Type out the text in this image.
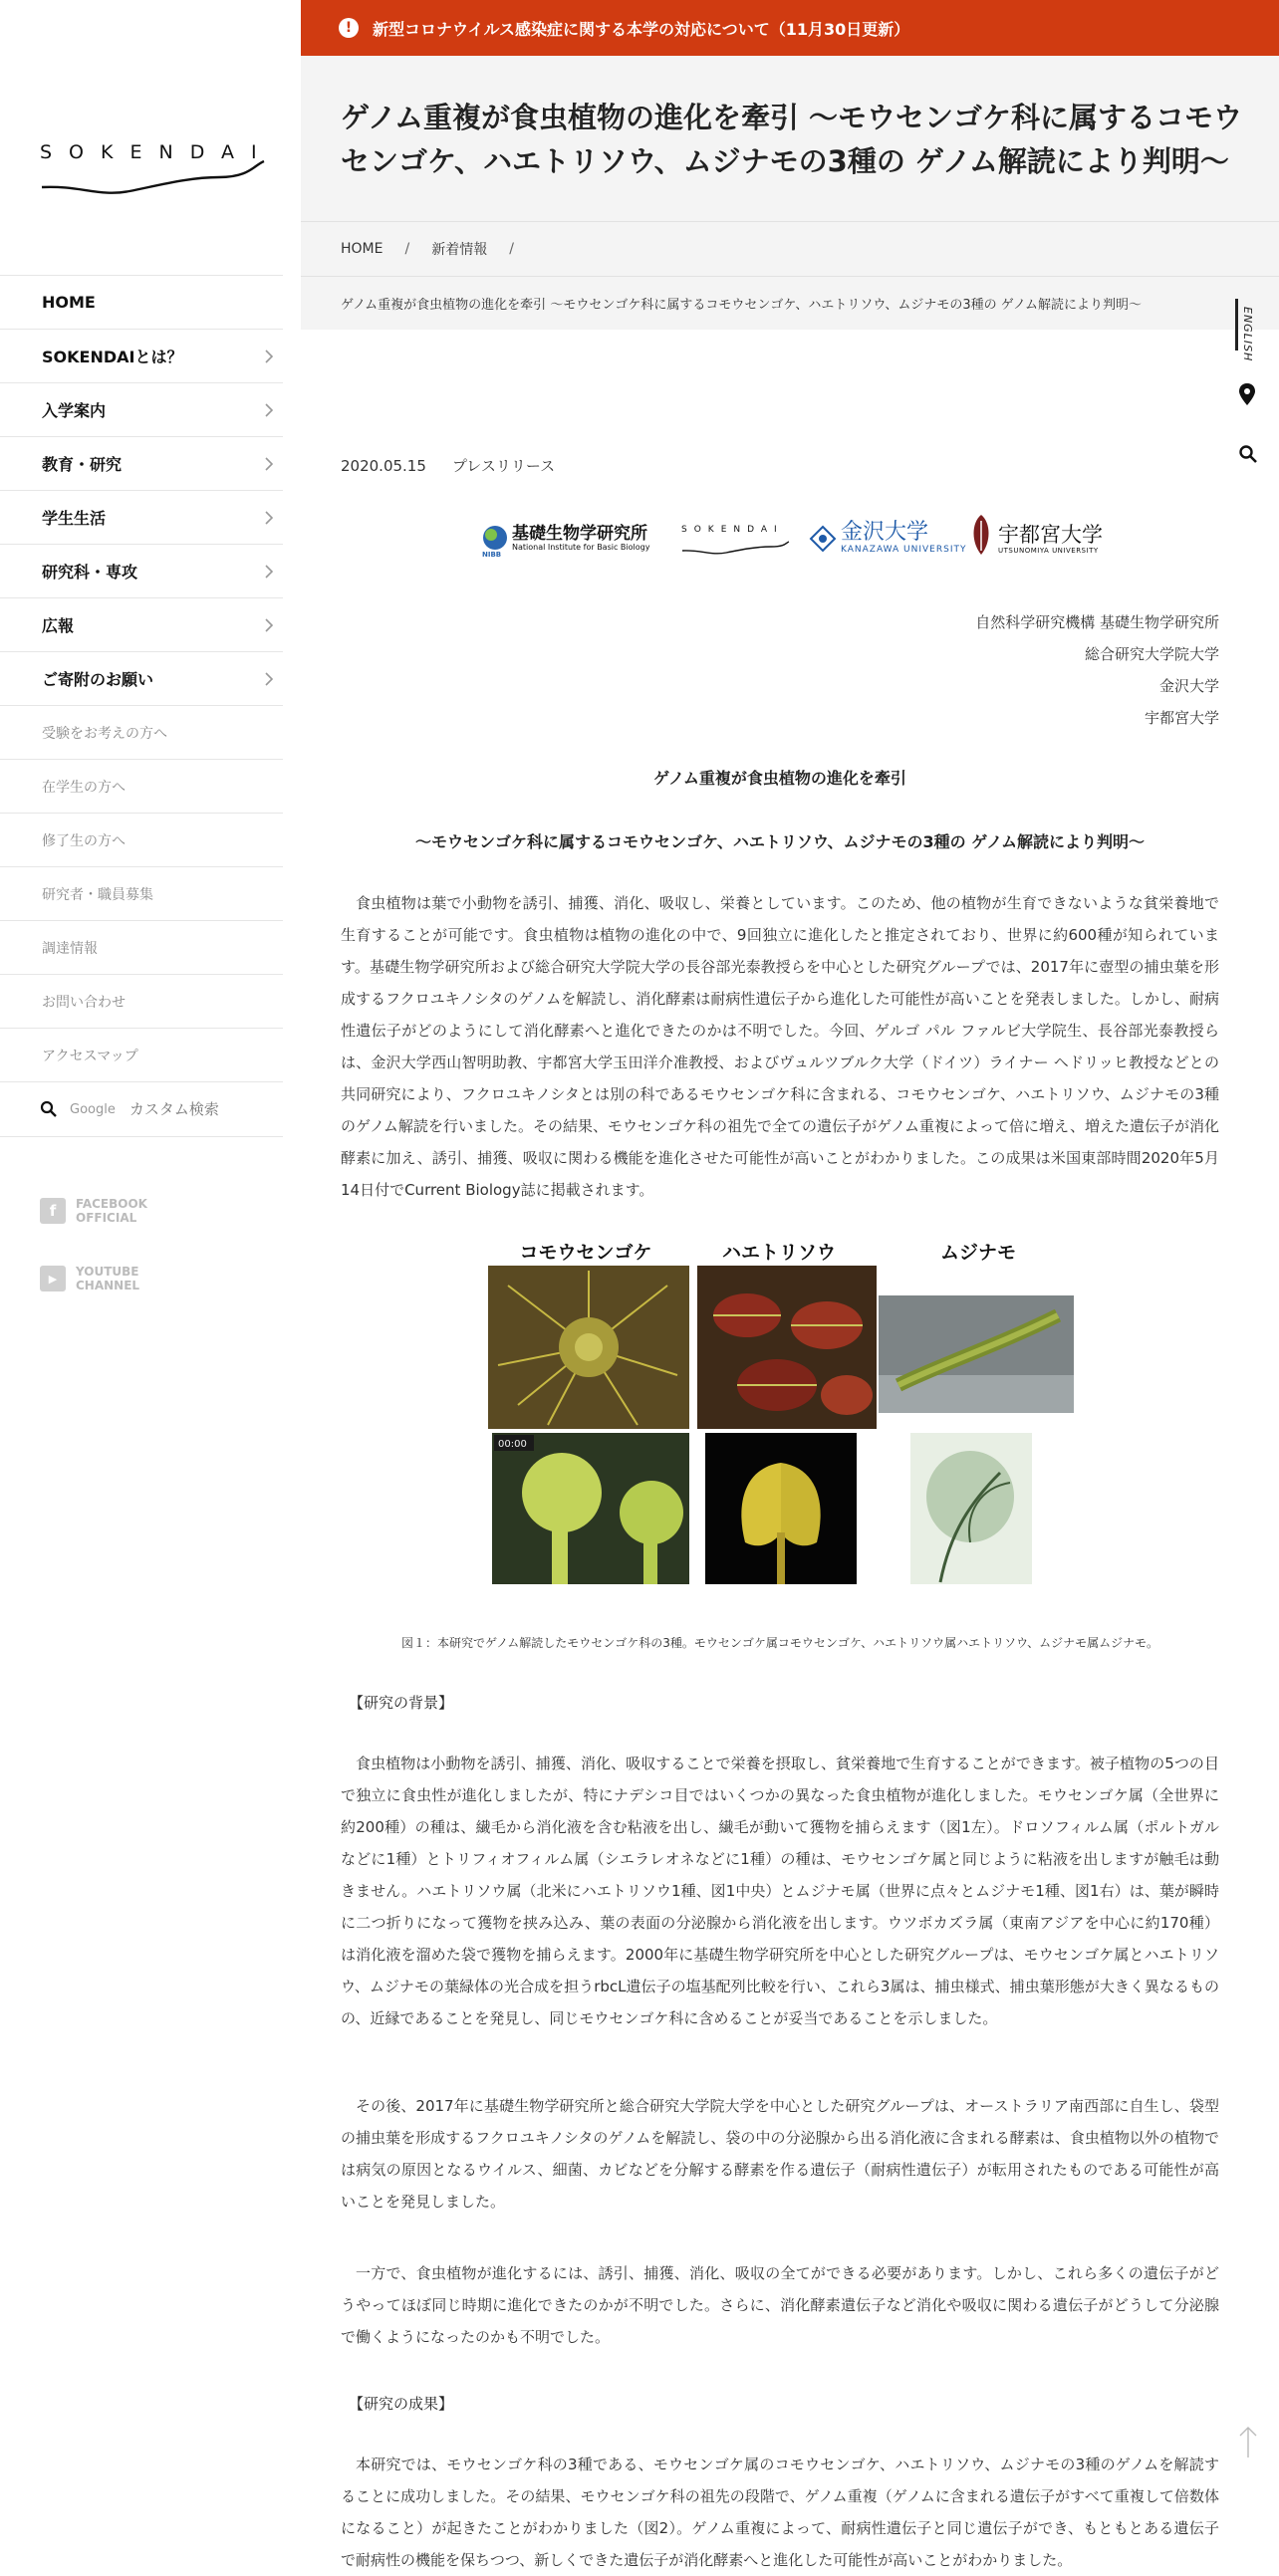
SOKENDAI
HOME
SOKENDAIとは？
入学案内
教育・研究
学生生活
研究科・専攻
広報
ご寄附のお願い
受験をお考えの方へ
在学生の方へ
修了生の方へ
研究者・職員募集
調達情報
お問い合わせ
アクセスマップ
Google
カスタム検索
f	FACEBOOK
OFFICIAL
▶	YOUTUBE
CHANNEL
!	新型コロナウイルス感染症に関する本学の対応について（11月30日更新）
ゲノム重複が食虫植物の進化を牽引 〜モウセンゴケ科に属するコモウセンゴケ、ハエトリソウ、ムジナモの3種の ゲノム解読により判明〜
HOME / 新着情報 /
ゲノム重複が食虫植物の進化を牽引 〜モウセンゴケ科に属するコモウセンゴケ、ハエトリソウ、ムジナモの3種の ゲノム解読により判明〜
ENGLISH
2020.05.15 プレスリリース
基礎生物学研究所
National Institute for Basic Biology
NIBB
SOKENDAI	金沢大学
KANAZAWA UNIVERSITY
宇都宮大学
UTSUNOMIYA UNIVERSITY
自然科学研究機構 基礎生物学研究所
総合研究大学院大学
金沢大学
宇都宮大学
ゲノム重複が食虫植物の進化を牽引
〜モウセンゴケ科に属するコモウセンゴケ、ハエトリソウ、ムジナモの3種の ゲノム解読により判明〜

食虫植物は葉で小動物を誘引、捕獲、消化、吸収し、栄養としています。このため、他の植物が生育できないような貧栄養地で生育することが可能です。食虫植物は植物の進化の中で、9回独立に進化したと推定されており、世界に約600種が知られています。基礎生物学研究所および総合研究大学院大学の長谷部光泰教授らを中心とした研究グループでは、2017年に壺型の捕虫葉を形成するフクロユキノシタのゲノムを解読し、消化酵素は耐病性遺伝子から進化した可能性が高いことを発表しました。しかし、耐病性遺伝子がどのようにして消化酵素へと進化できたのかは不明でした。今回、ゲルゴ パル ファルビ大学院生、長谷部光泰教授らは、金沢大学西山智明助教、宇都宮大学玉田洋介准教授、およびヴュルツブルク大学（ドイツ）ライナー ヘドリッヒ教授などとの共同研究により、フクロユキノシタとは別の科であるモウセンゴケ科に含まれる、コモウセンゴケ、ハエトリソウ、ムジナモの3種のゲノム解読を行いました。その結果、モウセンゴケ科の祖先で全ての遺伝子がゲノム重複によって倍に増え、増えた遺伝子が消化酵素に加え、誘引、捕獲、吸収に関わる機能を進化させた可能性が高いことがわかりました。この成果は米国東部時間2020年5月14日付でCurrent Biology誌に掲載されます。

コモウセンゴケ	ハエトリソウ	ムジナモ
00:00
図１：本研究でゲノム解読したモウセンゴケ科の3種。モウセンゴケ属コモウセンゴケ、ハエトリソウ属ハエトリソウ、ムジナモ属ムジナモ。
【研究の背景】

食虫植物は小動物を誘引、捕獲、消化、吸収することで栄養を摂取し、貧栄養地で生育することができます。被子植物の5つの目で独立に食虫性が進化しましたが、特にナデシコ目ではいくつかの異なった食虫植物が進化しました。モウセンゴケ属（全世界に約200種）の種は、繊毛から消化液を含む粘液を出し、繊毛が動いて獲物を捕らえます（図1左）。ドロソフィルム属（ポルトガルなどに1種）とトリフィオフィルム属（シエラレオネなどに1種）の種は、モウセンゴケ属と同じように粘液を出しますが触毛は動きません。ハエトリソウ属（北米にハエトリソウ1種、図1中央）とムジナモ属（世界に点々とムジナモ1種、図1右）は、葉が瞬時に二つ折りになって獲物を挟み込み、葉の表面の分泌腺から消化液を出します。ウツボカズラ属（東南アジアを中心に約170種）は消化液を溜めた袋で獲物を捕らえます。2000年に基礎生物学研究所を中心とした研究グループは、モウセンゴケ属とハエトリソウ、ムジナモの葉緑体の光合成を担うrbcL遺伝子の塩基配列比較を行い、これら3属は、捕虫様式、捕虫葉形態が大きく異なるものの、近縁であることを発見し、同じモウセンゴケ科に含めることが妥当であることを示しました。

その後、2017年に基礎生物学研究所と総合研究大学院大学を中心とした研究グループは、オーストラリア南西部に自生し、袋型の捕虫葉を形成するフクロユキノシタのゲノムを解読し、袋の中の分泌腺から出る消化液に含まれる酵素は、食虫植物以外の植物では病気の原因となるウイルス、細菌、カビなどを分解する酵素を作る遺伝子（耐病性遺伝子）が転用されたものである可能性が高いことを発見しました。

一方で、食虫植物が進化するには、誘引、捕獲、消化、吸収の全てができる必要があります。しかし、これら多くの遺伝子がどうやってほぼ同じ時期に進化できたのかが不明でした。さらに、消化酵素遺伝子など消化や吸収に関わる遺伝子がどうして分泌腺で働くようになったのかも不明でした。

【研究の成果】

本研究では、モウセンゴケ科の3種である、モウセンゴケ属のコモウセンゴケ、ハエトリソウ、ムジナモの3種のゲノムを解読することに成功しました。その結果、モウセンゴケ科の祖先の段階で、ゲノム重複（ゲノムに含まれる遺伝子がすべて重複して倍数体になること）が起きたことがわかりました（図2）。ゲノム重複によって、耐病性遺伝子と同じ遺伝子ができ、もともとある遺伝子で耐病性の機能を保ちつつ、新しくできた遺伝子が消化酵素へと進化した可能性が高いことがわかりました。
